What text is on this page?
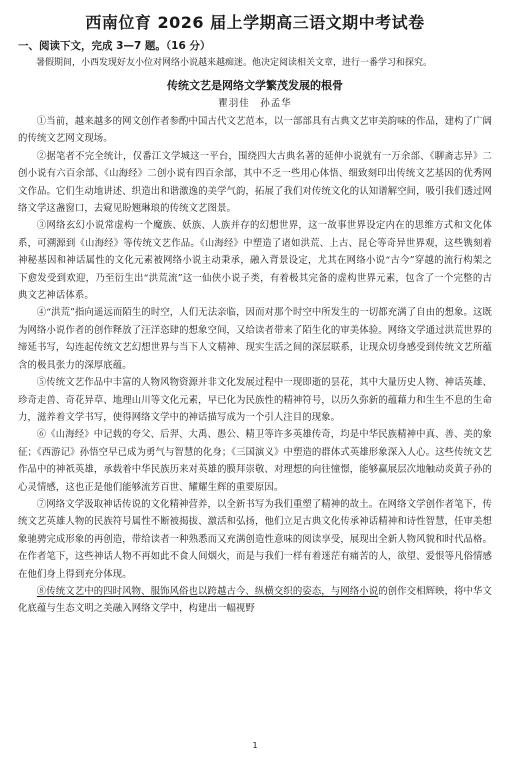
西南位育 2026 届上学期高三语文期中考试卷

一、阅读下文，完成 3—7 题。（16 分）

暑假期间，小西发现好友小位对网络小说越来越痴迷。他决定阅读相关文章，进行一番学习和探究。

传统文艺是网络文学繁茂发展的根骨

瞿羽佳　孙孟华

①当前，越来越多的网文创作者参酌中国古代文艺范本，以一部部具有古典文艺审美韵味的作品，建构了广阔的传统文艺网文现场。

②据笔者不完全统计，仅番江文学城这一平台，围绕四大古典名著的延伸小说就有一万余部、《聊斋志异》二创小说有六百余部、《山海经》二创小说有四百余部，其中不乏一些用心体悟、细致刻印出传统文艺基因的优秀网文作品。它们生动地讲述、织造出和谐激逸的美学气韵，拓展了我们对传统文化的认知谱解空间，吸引我们透过网络文学这盏窗口，去窥见盼翘琳琅的传统文艺图景。

③网络玄幻小说常虚构一个魔族、妖族、人族并存的幻想世界，这一故事世界设定内在的思维方式和文化体系，可溯源到《山海经》等传统文艺作品。《山海经》中塑造了诸如洪荒、上古、昆仑等奇异世界观，这些镌刻着神秘基因和神话属性的文化元素被网络小说主动秉承，融入背景设定，尤其在网络小说“古今”穿越的流行构架之下愈发受到欢迎，乃至衍生出“洪荒流”这一仙侠小说子类，有着极其完备的虚构世界元素，包含了一个完整的古典文艺神话体系。

④“洪荒”指向遥远而陌生的时空，人们无法亲临，因而对那个时空中所发生的一切都充满了自由的想象。这既为网络小说作者的创作释放了汪洋恣肆的想象空间，又给读者带来了陌生化的审美体验。网络文学通过洪荒世界的缔延书写，勾连起传统文艺幻想世界与当下人文精神、现实生活之间的深层联系，让现众切身感受到传统文艺所蕴含的极具张力的深厚底蕴。

⑤传统文艺作品中丰富的人物风物资源并非文化发展过程中一现即逝的昙花，其中大量历史人物、神话英雄、珍奇走兽、奇花异草、地理山川等文化元素，早已化为民族性的精神符号，以历久弥新的蕴藉力和生生不息的生命力，滋养着文学书写，使得网络文学中的神话描写成为一个引人注目的现象。

⑥《山海经》中记载的夸父、后羿、大禹、愚公、精卫等许多英雄传奇，均是中华民族精神中真、善、美的象征；《西游记》孙悟空早已成为勇气与智慧的化身；《三国演义》中塑造的群体式英雄形象深入人心。这些传统文艺作品中的神祇英雄，承载着中华民族历来对英雄的膜拜崇敬、对理想的向往憧憬，能够赢展层次地触动炎黄子孙的心灵情感，这也正是他们能够流芳百世、耀耀生辉的重要原因。

⑦网络文学汲取神话传说的文化精神营养，以全新书写为我们重塑了精神的故土。在网络文学创作者笔下，传统文艺英雄人物的民族符号属性不断被揭拔、激活和弘扬，他们立足古典文化传承神话精神和诗性智慧，任审美想象驰骋完成形象的再创造，带给读者一种熟悉而又充满创造性意味的阅读享受，展现出全新人物风貌和时代品格。在作者笔下，这些神话人物不再如此不食人间烟火，而是与我们一样有着迷茫有痛苦的人，欲望、爱恨等凡俗情感在他们身上得到充分体现。

⑧传统文艺中的四时风物、服饰风俗也以跨越古今、纵横交织的姿态，与网络小说的创作交相辉映，将中华文化底蕴与生态文明之美融入网络文学中，构建出一幅视野

1
